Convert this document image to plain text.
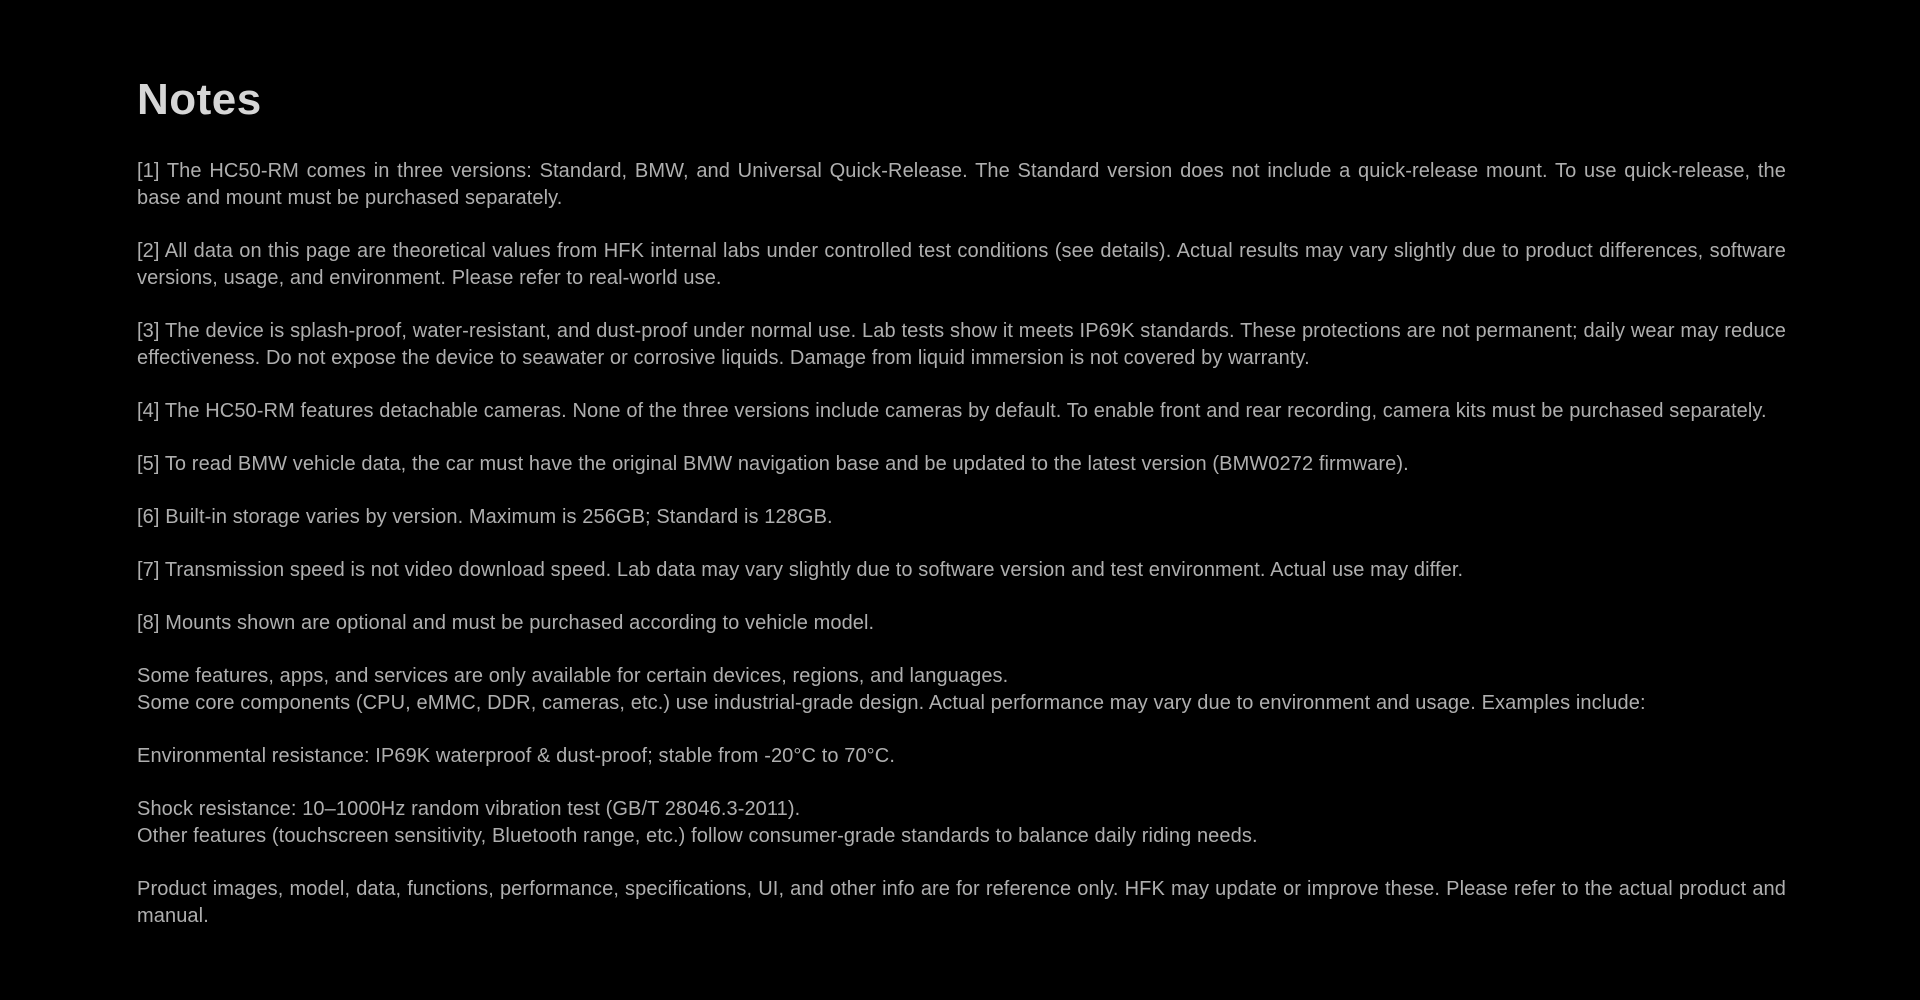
Notes

[1] The HC50-RM comes in three versions: Standard, BMW, and Universal Quick-Release. The Standard version does not include a quick-release mount. To use quick-release, the base and mount must be purchased separately.

[2] All data on this page are theoretical values from HFK internal labs under controlled test conditions (see details). Actual results may vary slightly due to product differences, software versions, usage, and environment. Please refer to real-world use.

[3] The device is splash-proof, water-resistant, and dust-proof under normal use. Lab tests show it meets IP69K standards. These protections are not permanent; daily wear may reduce effectiveness. Do not expose the device to seawater or corrosive liquids. Damage from liquid immersion is not covered by warranty.

[4] The HC50-RM features detachable cameras. None of the three versions include cameras by default. To enable front and rear recording, camera kits must be purchased separately.

[5] To read BMW vehicle data, the car must have the original BMW navigation base and be updated to the latest version (BMW0272 firmware).

[6] Built-in storage varies by version. Maximum is 256GB; Standard is 128GB.

[7] Transmission speed is not video download speed. Lab data may vary slightly due to software version and test environment. Actual use may differ.

[8] Mounts shown are optional and must be purchased according to vehicle model.

Some features, apps, and services are only available for certain devices, regions, and languages.

Some core components (CPU, eMMC, DDR, cameras, etc.) use industrial-grade design. Actual performance may vary due to environment and usage. Examples include:

Environmental resistance: IP69K waterproof & dust-proof; stable from -20°C to 70°C.

Shock resistance: 10–1000Hz random vibration test (GB/T 28046.3-2011).

Other features (touchscreen sensitivity, Bluetooth range, etc.) follow consumer-grade standards to balance daily riding needs.

Product images, model, data, functions, performance, specifications, UI, and other info are for reference only. HFK may update or improve these. Please refer to the actual product and manual.
